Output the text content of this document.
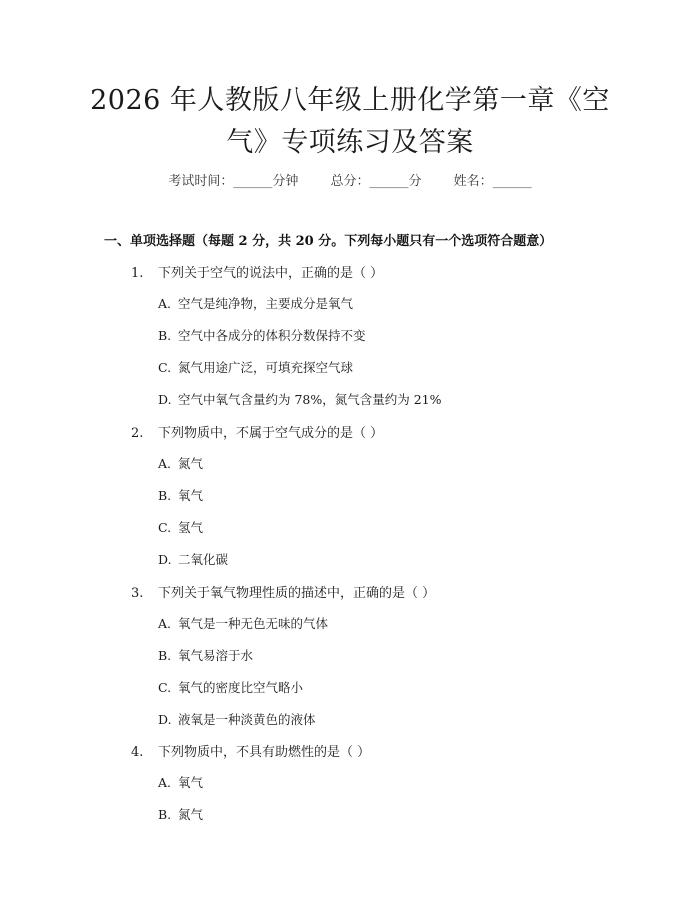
2026 年人教版八年级上册化学第一章《空
气》专项练习及答案
考试时间：______分钟 总分：______分 姓名：______
一、单项选择题（每题 2 分，共 20 分。下列每小题只有一个选项符合题意）
1. 下列关于空气的说法中，正确的是（ ）
A. 空气是纯净物，主要成分是氧气
B. 空气中各成分的体积分数保持不变
C. 氮气用途广泛，可填充探空气球
D. 空气中氧气含量约为 78%，氮气含量约为 21%
2. 下列物质中，不属于空气成分的是（ ）
A. 氮气
B. 氧气
C. 氢气
D. 二氧化碳
3. 下列关于氧气物理性质的描述中，正确的是（ ）
A. 氧气是一种无色无味的气体
B. 氧气易溶于水
C. 氧气的密度比空气略小
D. 液氧是一种淡黄色的液体
4. 下列物质中，不具有助燃性的是（ ）
A. 氧气
B. 氮气
